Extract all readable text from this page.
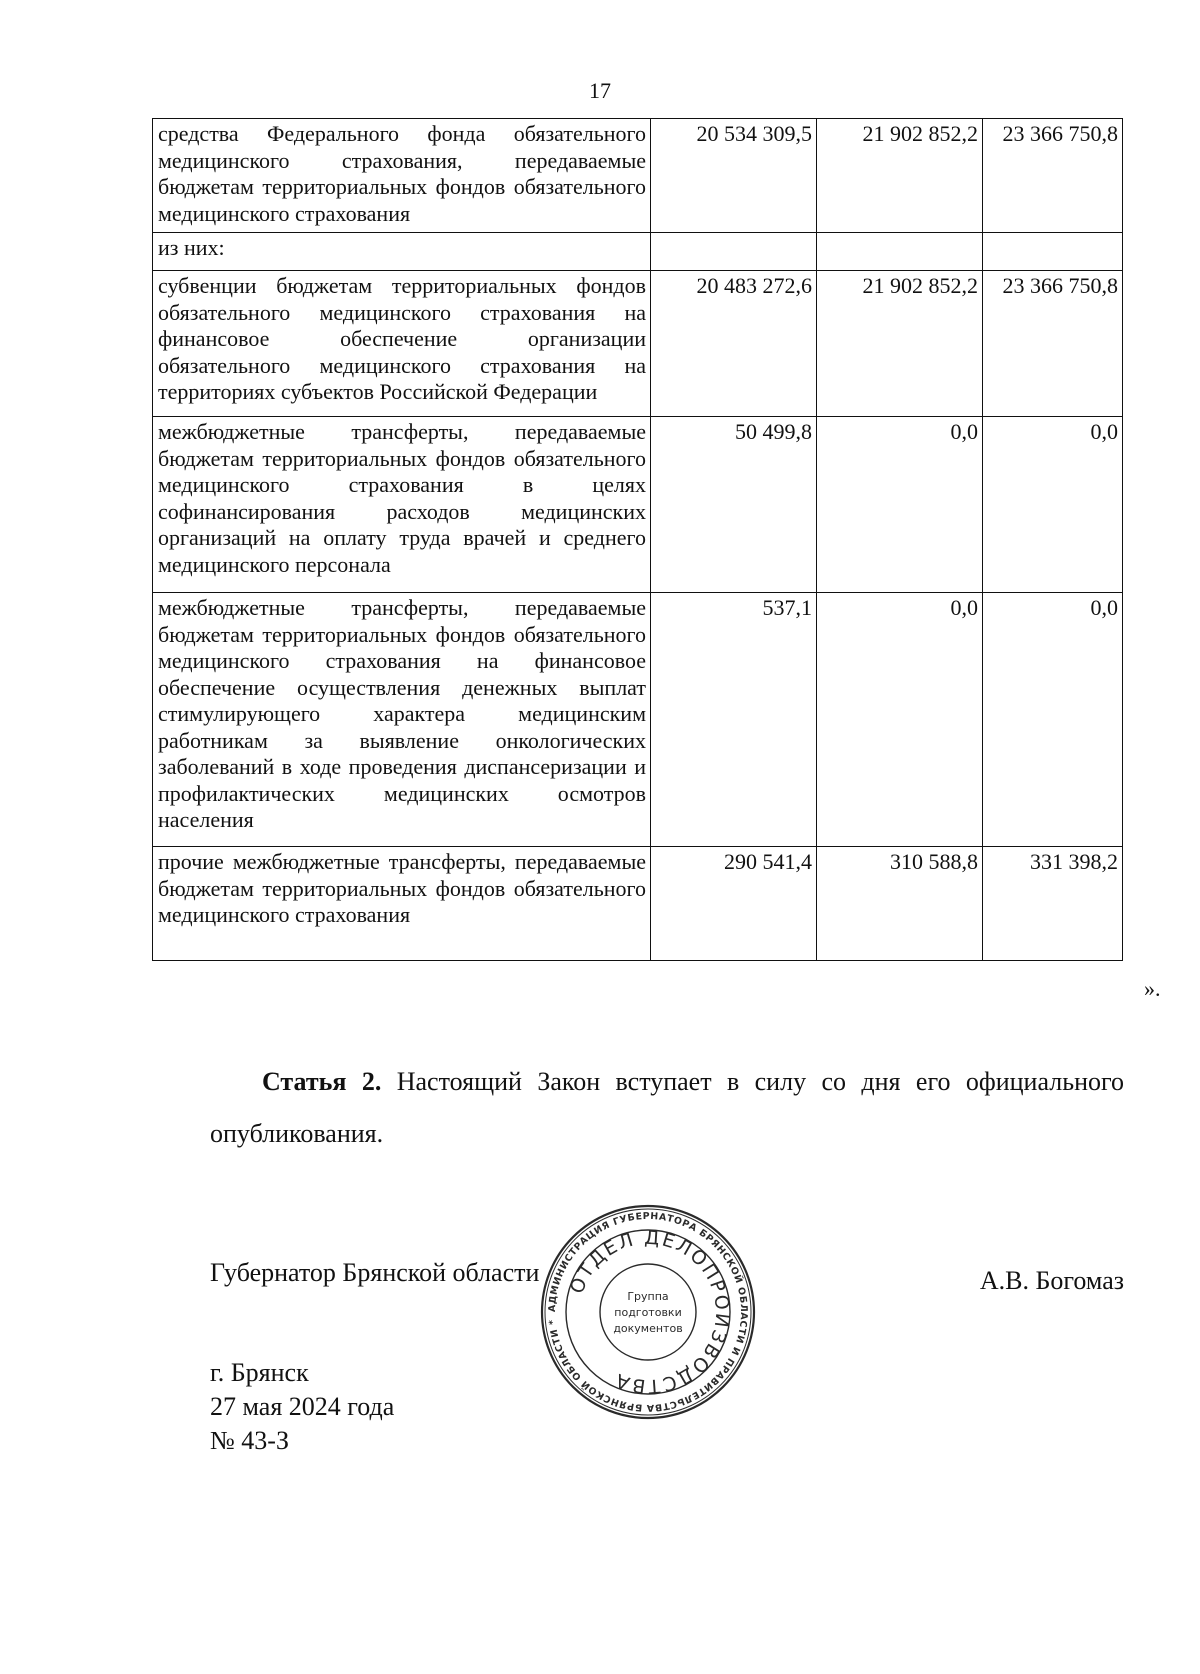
17
средства Федерального фонда обязательного медицинского страхования, передаваемые бюджетам территориальных фондов обязательного медицинского страхования	20 534 309,5	21 902 852,2	23 366 750,8
из них:			
субвенции бюджетам территориальных фондов обязательного медицинского страхования на финансовое обеспечение организации обязательного медицинского страхования на территориях субъектов Российской Федерации	20 483 272,6	21 902 852,2	23 366 750,8
межбюджетные трансферты, передаваемые бюджетам территориальных фондов обязательного медицинского страхования в целях софинансирования расходов медицинских организаций на оплату труда врачей и среднего медицинского персонала	50 499,8	0,0	0,0
межбюджетные трансферты, передаваемые бюджетам территориальных фондов обязательного медицинского страхования на финансовое обеспечение осуществления денежных выплат стимулирующего характера медицинским работникам за выявление онкологических заболеваний в ходе проведения диспансеризации и профилактических медицинских осмотров населения	537,1	0,0	0,0
прочие межбюджетные трансферты, передаваемые бюджетам территориальных фондов обязательного медицинского страхования	290 541,4	310 588,8	331 398,2
».
Статья 2. Настоящий Закон вступает в силу со дня его официального опубликования.
Губернатор Брянской области	А.В. Богомаз
г. Брянск
27 мая 2024 года
№ 43-З
АДМИНИСТРАЦИЯ ГУБЕРНАТОРА БРЯНСКОЙ ОБЛАСТИ И ПРАВИТЕЛЬСТВА БРЯНСКОЙ ОБЛАСТИ *
ОТДЕЛ ДЕЛОПРОИЗВОДСТВА
Группа
подготовки
документов
